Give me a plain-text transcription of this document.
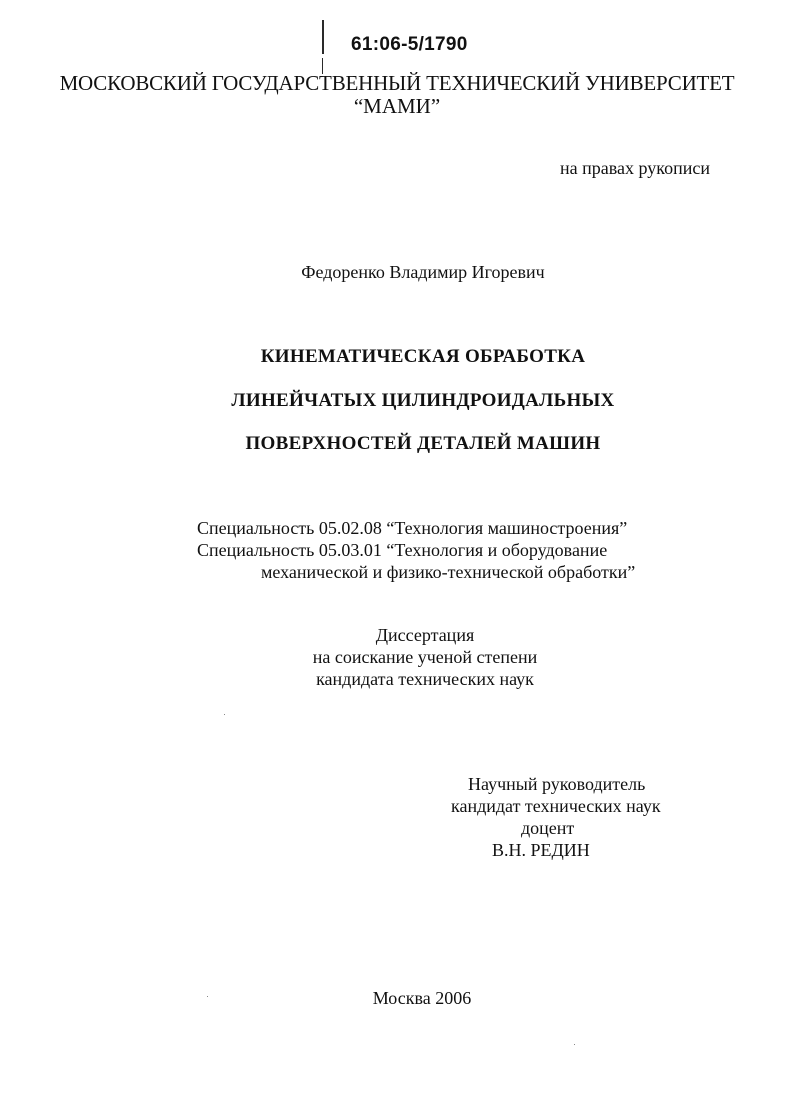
61:06-5/1790
МОСКОВСКИЙ ГОСУДАРСТВЕННЫЙ ТЕХНИЧЕСКИЙ УНИВЕРСИТЕТ
“МАМИ”
на правах рукописи
Федоренко Владимир Игоревич
КИНЕМАТИЧЕСКАЯ ОБРАБОТКА
ЛИНЕЙЧАТЫХ ЦИЛИНДРОИДАЛЬНЫХ
ПОВЕРХНОСТЕЙ ДЕТАЛЕЙ МАШИН
Специальность 05.02.08 “Технология машиностроения”
Специальность 05.03.01 “Технология и оборудование
механической и физико-технической обработки”
Диссертация
на соискание ученой степени
кандидата технических наук
Научный руководитель
кандидат технических наук
доцент
В.Н. РЕДИН
Москва 2006
